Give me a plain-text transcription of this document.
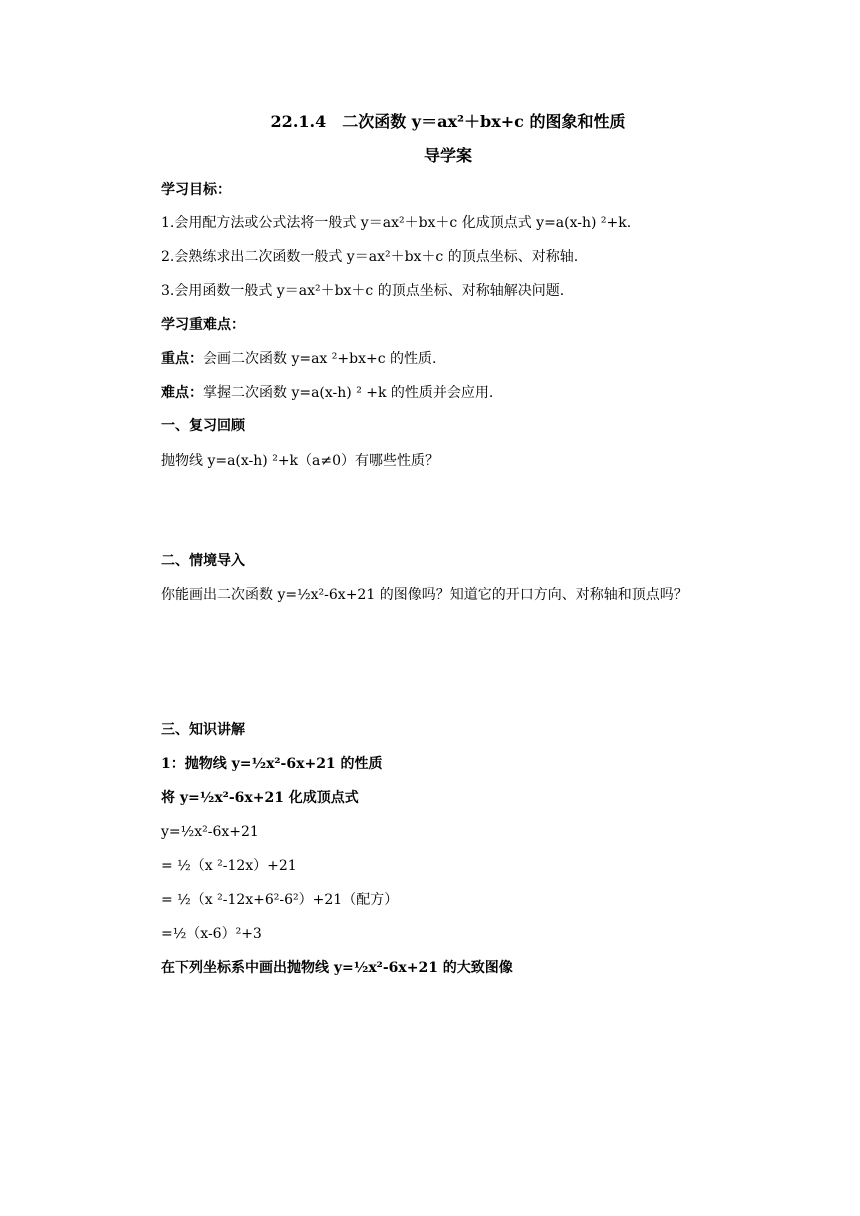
22.1.4　二次函数 y＝ax²＋bx+c 的图象和性质
导学案
学习目标：
1.会用配方法或公式法将一般式 y＝ax²＋bx＋c 化成顶点式 y=a(x-h) ²+k.
2.会熟练求出二次函数一般式 y＝ax²＋bx＋c 的顶点坐标、对称轴.
3.会用函数一般式 y＝ax²＋bx＋c 的顶点坐标、对称轴解决问题.
学习重难点：
重点：会画二次函数 y=ax ²+bx+c 的性质.
难点：掌握二次函数 y=a(x-h) ² +k 的性质并会应用.
一、复习回顾
抛物线 y=a(x-h) ²+k（a≠0）有哪些性质？
二、情境导入
你能画出二次函数 y=½x²-6x+21 的图像吗？知道它的开口方向、对称轴和顶点吗？
三、知识讲解
1：抛物线 y=½x²-6x+21 的性质
将 y=½x²-6x+21 化成顶点式
y=½x²-6x+21
= ½（x ²-12x）+21
= ½（x ²-12x+6²-6²）+21（配方）
=½（x-6）²+3
在下列坐标系中画出抛物线 y=½x²-6x+21 的大致图像
